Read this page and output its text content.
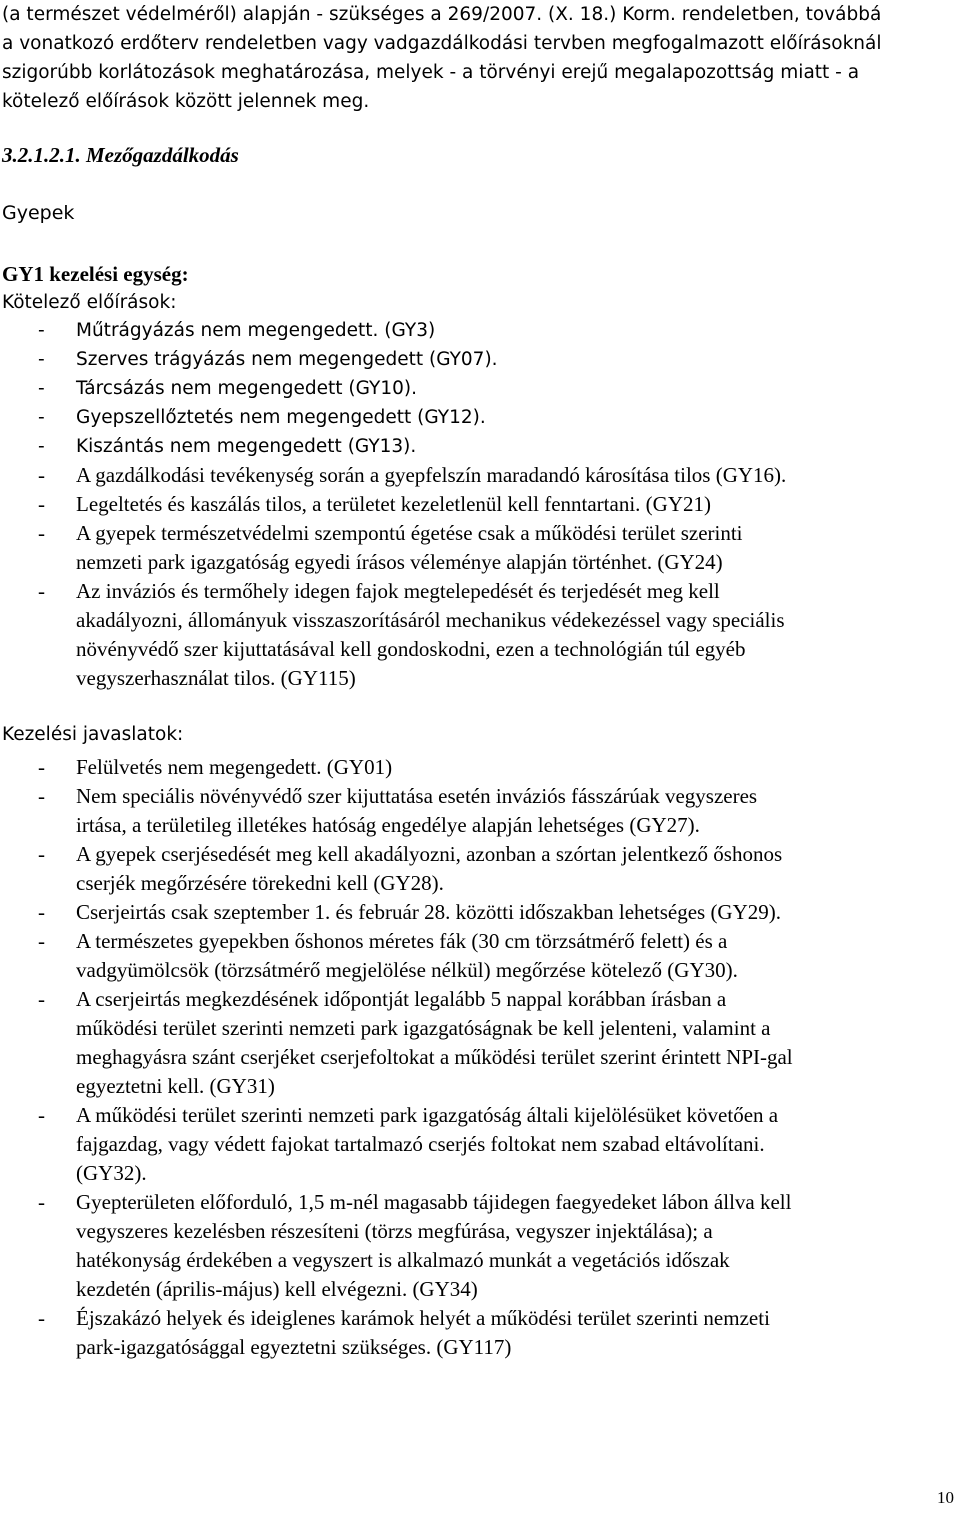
(a természet védelméről) alapján - szükséges a 269/2007. (X. 18.) Korm. rendeletben, továbbá
a vonatkozó erdőterv rendeletben vagy vadgazdálkodási tervben megfogalmazott előírásoknál
szigorúbb korlátozások meghatározása, melyek - a törvényi erejű megalapozottság miatt - a
kötelező előírások között jelennek meg.
3.2.1.2.1. Mezőgazdálkodás
Gyepek
GY1 kezelési egység:
Kötelező előírások:
- Műtrágyázás nem megengedett. (GY3)
- Szerves trágyázás nem megengedett (GY07).
- Tárcsázás nem megengedett (GY10).
- Gyepszellőztetés nem megengedett (GY12).
- Kiszántás nem megengedett (GY13).
- A gazdálkodási tevékenység során a gyepfelszín maradandó károsítása tilos (GY16).
- Legeltetés és kaszálás tilos, a területet kezeletlenül kell fenntartani. (GY21)
- A gyepek természetvédelmi szempontú égetése csak a működési terület szerinti
nemzeti park igazgatóság egyedi írásos véleménye alapján történhet. (GY24)
- Az inváziós és termőhely idegen fajok megtelepedését és terjedését meg kell
akadályozni, állományuk visszaszorításáról mechanikus védekezéssel vagy speciális
növényvédő szer kijuttatásával kell gondoskodni, ezen a technológián túl egyéb
vegyszerhasználat tilos. (GY115)
Kezelési javaslatok:
- Felülvetés nem megengedett. (GY01)
- Nem speciális növényvédő szer kijuttatása esetén inváziós fásszárúak vegyszeres
irtása, a területileg illetékes hatóság engedélye alapján lehetséges (GY27).
- A gyepek cserjésedését meg kell akadályozni, azonban a szórtan jelentkező őshonos
cserjék megőrzésére törekedni kell (GY28).
- Cserjeirtás csak szeptember 1. és február 28. közötti időszakban lehetséges (GY29).
- A természetes gyepekben őshonos méretes fák (30 cm törzsátmérő felett) és a
vadgyümölcsök (törzsátmérő megjelölése nélkül) megőrzése kötelező (GY30).
- A cserjeirtás megkezdésének időpontját legalább 5 nappal korábban írásban a
működési terület szerinti nemzeti park igazgatóságnak be kell jelenteni, valamint a
meghagyásra szánt cserjéket cserjefoltokat a működési terület szerint érintett NPI-gal
egyeztetni kell. (GY31)
- A működési terület szerinti nemzeti park igazgatóság általi kijelölésüket követően a
fajgazdag, vagy védett fajokat tartalmazó cserjés foltokat nem szabad eltávolítani.
(GY32).
- Gyepterületen előforduló, 1,5 m-nél magasabb tájidegen faegyedeket lábon állva kell
vegyszeres kezelésben részesíteni (törzs megfúrása, vegyszer injektálása); a
hatékonyság érdekében a vegyszert is alkalmazó munkát a vegetációs időszak
kezdetén (április-május) kell elvégezni. (GY34)
- Éjszakázó helyek és ideiglenes karámok helyét a működési terület szerinti nemzeti
park-igazgatósággal egyeztetni szükséges. (GY117)
10
